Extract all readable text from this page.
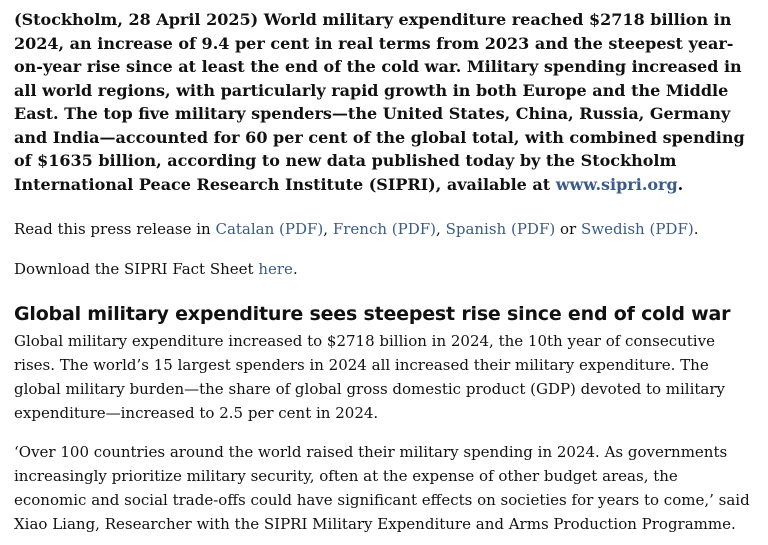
(Stockholm, 28 April 2025) World military expenditure reached $2718 billion in 2024, an increase of 9.4 per cent in real terms from 2023 and the steepest year-on-year rise since at least the end of the cold war. Military spending increased in all world regions, with particularly rapid growth in both Europe and the Middle East. The top five military spenders—the United States, China, Russia, Germany and India—accounted for 60 per cent of the global total, with combined spending of $1635 billion, according to new data published today by the Stockholm International Peace Research Institute (SIPRI), available at www.sipri.org.

Read this press release in Catalan (PDF), French (PDF), Spanish (PDF) or Swedish (PDF).

Download the SIPRI Fact Sheet here.

Global military expenditure sees steepest rise since end of cold war

Global military expenditure increased to $2718 billion in 2024, the 10th year of consecutive rises. The world’s 15 largest spenders in 2024 all increased their military expenditure. The global military burden—the share of global gross domestic product (GDP) devoted to military expenditure—increased to 2.5 per cent in 2024.

‘Over 100 countries around the world raised their military spending in 2024. As governments increasingly prioritize military security, often at the expense of other budget areas, the economic and social trade-offs could have significant effects on societies for years to come,’ said Xiao Liang, Researcher with the SIPRI Military Expenditure and Arms Production Programme.
